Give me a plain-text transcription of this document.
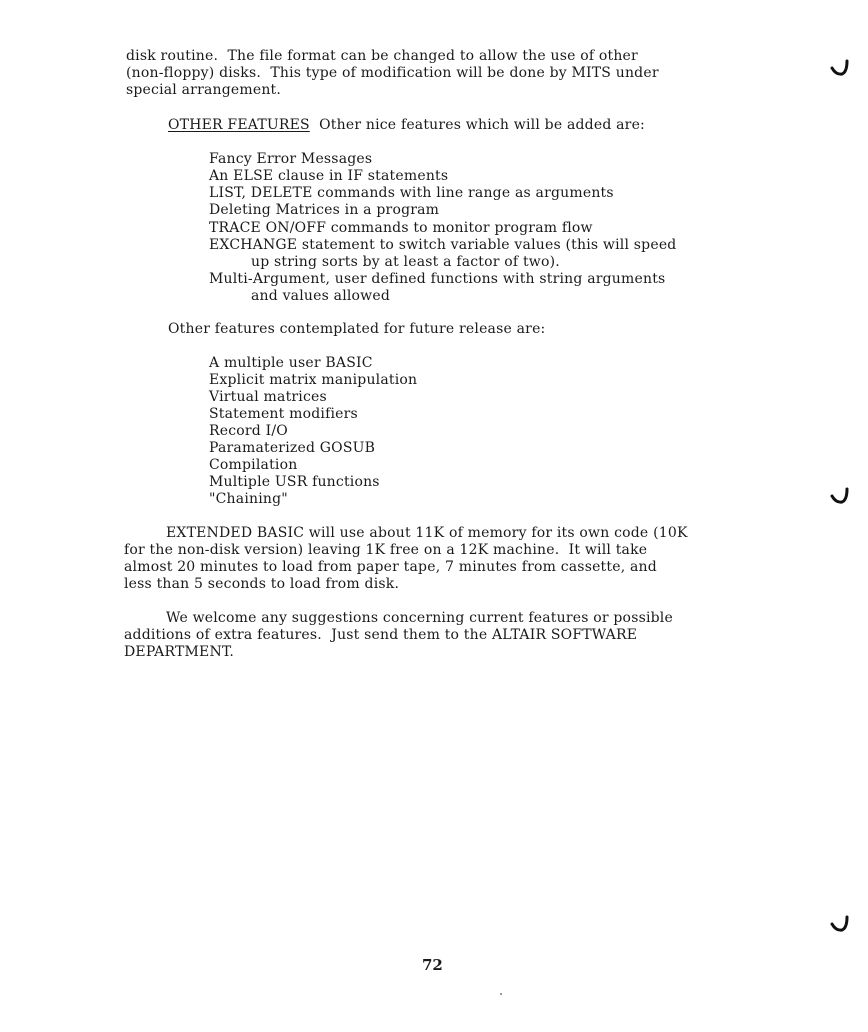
disk routine.  The file format can be changed to allow the use of other
(non-floppy) disks.  This type of modification will be done by MITS under
special arrangement.
OTHER FEATURES Other nice features which will be added are:
Fancy Error Messages
An ELSE clause in IF statements
LIST, DELETE commands with line range as arguments
Deleting Matrices in a program
TRACE ON/OFF commands to monitor program flow
EXCHANGE statement to switch variable values (this will speed
up string sorts by at least a factor of two).
Multi-Argument, user defined functions with string arguments
and values allowed
Other features contemplated for future release are:
A multiple user BASIC
Explicit matrix manipulation
Virtual matrices
Statement modifiers
Record I/O
Paramaterized GOSUB
Compilation
Multiple USR functions
"Chaining"
EXTENDED BASIC will use about 11K of memory for its own code (10K
for the non-disk version) leaving 1K free on a 12K machine.  It will take
almost 20 minutes to load from paper tape, 7 minutes from cassette, and
less than 5 seconds to load from disk.
We welcome any suggestions concerning current features or possible
additions of extra features.  Just send them to the ALTAIR SOFTWARE
DEPARTMENT.
72
